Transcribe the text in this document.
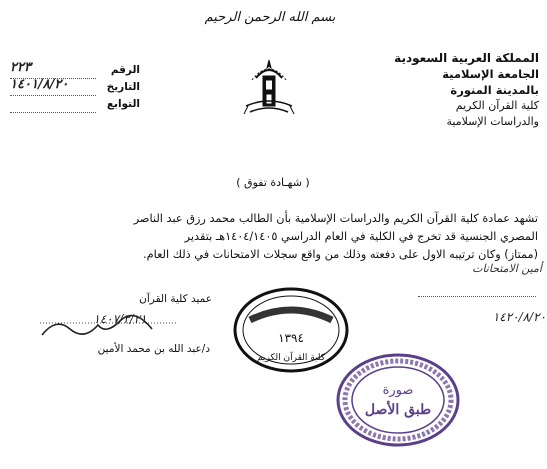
بسم الله الرحمن الرحيم
المملكة العربية السعودية
الجامعة الإسلامية
بالمدينة المنورة
كلية القرآن الكريم
والدراسات الإسلامية
الرقم
٢٢٣
التاريخ
١٤٠١/٨/٢٠
التوابع
( شهـادة تفوق )
تشهد عمادة كلية القرآن الكريم والدراسات الإسلامية بأن الطالب محمد رزق عبد الناصر
المصري الجنسية قد تخرج في الكلية في العام الدراسي ١٤٠٤/١٤٠٥هـ بتقدير
(ممتاز) وكان ترتيبه الاول على دفعته وذلك من واقع سجلات الامتحانات في ذلك العام.
أمين الامتحانات
عميد كلية القرآن
١٤٠٧/٢/٢١
د/عبد الله بن محمد الأمين
١٣٩٤
كلية القرآن الكريم
١٤٢٠/٨/٢٠
صورة
طبق الأصل
